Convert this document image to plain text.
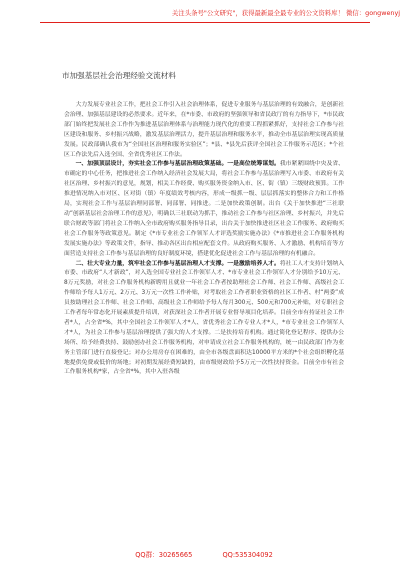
关注头条号"公文研究"，获得最新最全最专业的公文资料库！ 微信：gongwenyj
市加强基层社会治理经验交流材料

大力发展专业社会工作，把社会工作引入社会治理体系，促进专业服务与基层治理的有效融合，是创新社会治理、加强基层建设的必然要求。近年来，在*市委、市政府的坚强领导和省民政厅的有力指导下，*市民政部门始终把发展社会工作作为推进基层治理体系与治理能力现代化的重要工程抓紧抓好，支持社会工作参与社区建设和服务、乡村振兴战略，激发基层治理活力，提升基层治理和服务水平，推动全市基层治理实现高质量发展。民政部确认我市为“全国社区治理和服务实验区”；*县、*县先后获评全国社会工作服务示范区；*个社区工作法先后入选全国、全省优秀社区工作法。

一、加强顶层设计，夯实社会工作参与基层治理政策基础。一是高位统筹谋划。我市紧紧围绕中央及省、市确定的中心任务，把推进社会工作纳入经济社会发展大局，将社会工作参与基层治理写入市委、市政府有关社区治理、乡村振兴的意见，规划，相关工作经费、购买服务资金纳入市、区、街（镇）三级财政预算。工作推进情况纳入市对区、区对街（镇）年度绩效考核内容，形成一级抓一级、层层抓落实的整体合力和工作格局，实现社会工作与基层治理同部署、同部署、同推进。二是加快政策创制。出台《关于加快推进“三社联动”创新基层社会治理工作的意见》，明确以三社联动为抓手，推动社会工作参与社区治理、乡村振兴，并先后联合财政等部门将社会工作纳入全市政府购买服务指导目录，出台关于加快推进社区社会工作服务、政府购买社会工作服务等政策意见。制定《*市专业社会工作领军人才评选奖励实施办法》《*市推进社会工作服务机构发展实施办法》等政策文件，指导、推动各区出台相应配套文件。从政府购买服务、人才激励、机构培育等方面营造支持社会工作参与基层治理的良好制度环境，搭建优化促进社会工作与基层治理的有机融合。

二、壮大专业力量，筑牢社会工作参与基层治理人才支撑。一是激励培养人才。将社工人才支持计划纳入市委、市政府“人才新政”，对入选全国专业社会工作领军人才、*市专业社会工作领军人才分别给予10万元、8万元奖励，对社会工作服务机构新聘用且就业一年社会工作者按助理社会工作师、社会工作师、高级社会工作师给予每人1万元、2万元、3万元一次性工作补贴，对考取社会工作者职业资格的社区工作者、村“两委”成员按助理社会工作师、社会工作师、高级社会工作师给予每人每月300元、500元和700元补贴，对专职社会工作者每年常态化开展素质提升培训，对获深社会工作者开展专业督导项目化培养。目前全市有持证社会工作者*人，占全省*%，其中全国社会工作领军人才*人、省优秀社会工作专业人才*人，*市专业社会工作领军人才*人，为社会工作参与基层治理提供了强大的人才支撑。二是扶持培育机构。通过简化登记程序、提供办公场所、给予经费扶持、鼓励创办社会工作服务机构，对申请成立社会工作服务机构的，统一由民政部门作为业务主管部门进行直接登记；对办公用房存在困难的，由全市各级盘面积达10000平方米的*个社会组织孵化基地提供免费或低价的场地；对初期发展经费短缺的，由市级财政给予5万元一次性扶持资金。目前全市有社会工作服务机构*家，占全省*%，其中入驻各级

QQ群：30265665	QQ:535304092
